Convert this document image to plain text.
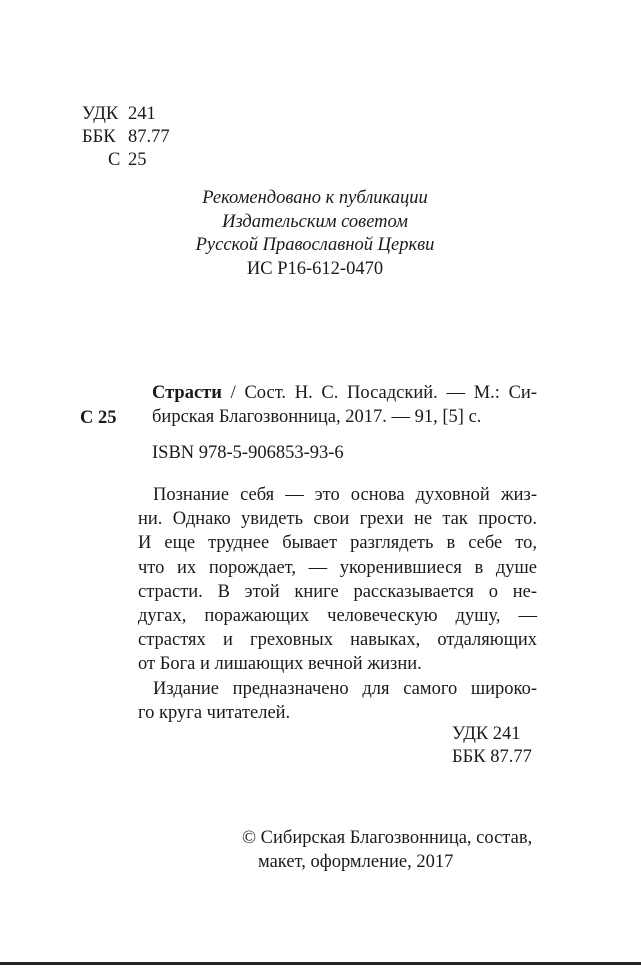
УДК 241
ББК 87.77
С 25
Рекомендовано к публикации
Издательским советом
Русской Православной Церкви
ИС Р16-612-0470
С 25
Страсти / Сост. Н. С. Посадский. — М.: Си-
бирская Благозвонница, 2017. — 91, [5] с.
ISBN 978-5-906853-93-6
Познание себя — это основа духовной жиз-
ни. Однако увидеть свои грехи не так просто.
И еще труднее бывает разглядеть в себе то,
что их порождает, — укоренившиеся в душе
страсти. В этой книге рассказывается о не-
дугах, поражающих человеческую душу, —
страстях и греховных навыках, отдаляющих
от Бога и лишающих вечной жизни.
Издание предназначено для самого широко-
го круга читателей.
УДК 241
ББК 87.77
© Сибирская Благозвонница, состав,
макет, оформление, 2017
